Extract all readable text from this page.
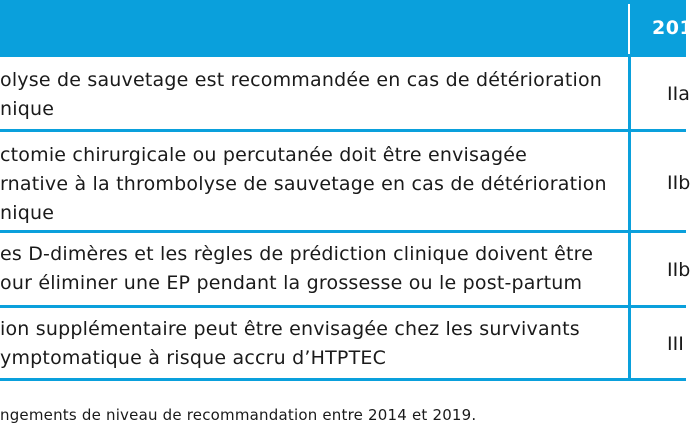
201
olyse de sauvetage est recommandée en cas de détérioration
nique
IIa
ctomie chirurgicale ou percutanée doit être envisagée
rnative à la thrombolyse de sauvetage en cas de détérioration
nique
IIb
es D-dimères et les règles de prédiction clinique doivent être
our éliminer une EP pendant la grossesse ou le post-partum
IIb
ion supplémentaire peut être envisagée chez les survivants
ymptomatique à risque accru d’HTPTEC
III
ngements de niveau de recommandation entre 2014 et 2019.
